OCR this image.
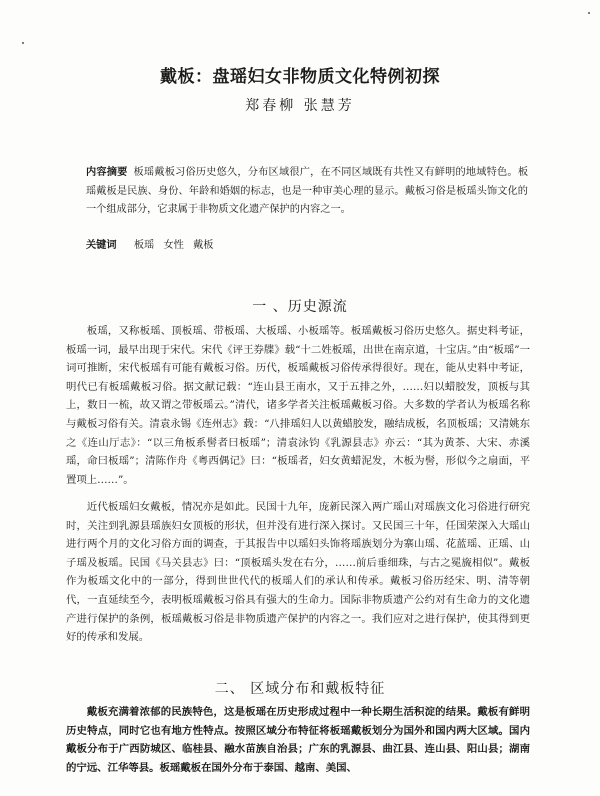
戴板：盘瑶妇女非物质文化特例初探
郑春柳 张慧芳
内容摘要 板瑶戴板习俗历史悠久，分布区域很广，在不同区域既有共性又有鲜明的地域特色。板瑶戴板是民族、身份、年龄和婚姻的标志，也是一种审美心理的显示。戴板习俗是板瑶头饰文化的一个组成部分，它隶属于非物质文化遗产保护的内容之一。
关键词 板瑶 女性 戴板
一 、历史源流

板瑶，又称板瑶、顶板瑶、带板瑶、大板瑶、小板瑶等。板瑶戴板习俗历史悠久。据史料考证，板瑶一词，最早出现于宋代。宋代《评王券牒》载“十二姓板瑶，出世在南京道，十宝店。”由“板瑶”一词可推断，宋代板瑶有可能有戴板习俗。历代，板瑶戴板习俗传承得很好。现在，能从史料中考证，明代已有板瑶戴板习俗。据文献记载：“连山县王南水，又于五排之外，……妇以蜡胶发，顶板与其上，数日一梳，故又谓之带板瑶云。”清代，诸多学者关注板瑶戴板习俗。大多数的学者认为板瑶名称与戴板习俗有关。清袁永锡《连州志》载：“八排瑶妇人以黄蜡胶发，融结成板，名顶板瑶；又清姚东之《连山厅志》：“以三角板系髻者曰板瑶”；清袁泳钧《乳源县志》亦云：“其为黄茶、大宋、赤溪瑶，命曰板瑶”；清陈作舟《粤西偶记》曰：“板瑶者，妇女黄蜡泥发，木板为髻，形似今之扇面，平置项上……”。

近代板瑶妇女戴板，情况亦是如此。民国十九年，庞新民深入两广瑶山对瑶族文化习俗进行研究时，关注到乳源县瑶族妇女顶板的形状，但并没有进行深入探讨。又民国三十年，任国荣深入大瑶山进行两个月的文化习俗方面的调查，于其报告中以瑶妇头饰将瑶族划分为寨山瑶、花蓝瑶、正瑶、山子瑶及板瑶。民国《马关县志》曰：“顶板瑶头发在右分，……前后垂细珠，与古之冕旒相似”。戴板作为板瑶文化中的一部分，得到世世代代的板瑶人们的承认和传承。戴板习俗历经宋、明、清等朝代，一直延续至今，表明板瑶戴板习俗具有强大的生命力。国际非物质遗产公约对有生命力的文化遗产进行保护的条例，板瑶戴板习俗是非物质遗产保护的内容之一。我们应对之进行保护，使其得到更好的传承和发展。

二、 区域分布和戴板特征

戴板充满着浓郁的民族特色，这是板瑶在历史形成过程中一种长期生活积淀的结果。戴板有鲜明历史特点，同时它也有地方性特点。按照区域分布特征将板瑶戴板划分为国外和国内两大区域。国内戴板分布于广西防城区、临桂县、融水苗族自治县；广东的乳源县、曲江县、连山县、阳山县；湖南的宁远、江华等县。板瑶戴板在国外分布于泰国、越南、美国、
